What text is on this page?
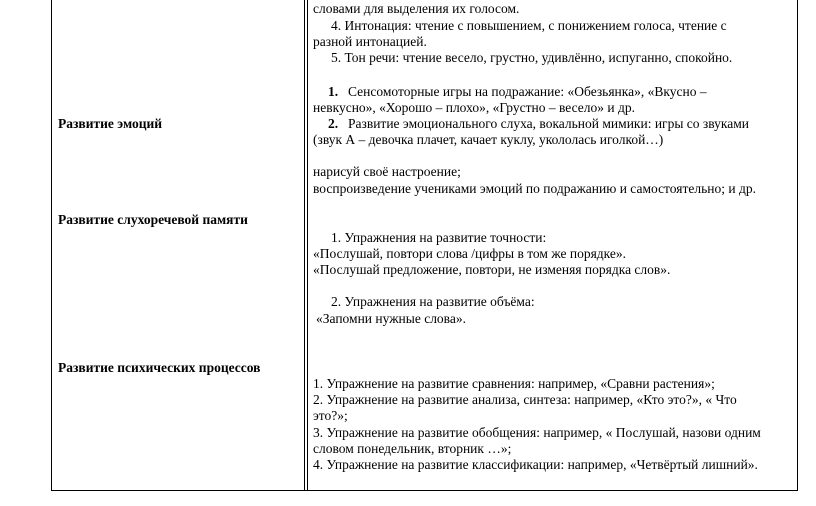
Развитие эмоций
Развитие слухоречевой памяти
Развитие психических процессов
словами для выделения их голосом.
4. Интонация: чтение с повышением, с понижением голоса, чтение с
разной интонацией.
5. Тон речи: чтение весело, грустно, удивлённо, испуганно, спокойно.
1. Сенсомоторные игры на подражание: «Обезьянка», «Вкусно –
невкусно», «Хорошо – плохо», «Грустно – весело» и др.
2. Развитие эмоционального слуха, вокальной мимики: игры со звуками
(звук А – девочка плачет, качает куклу, укололась иголкой…)
нарисуй своё настроение;
воспроизведение учениками эмоций по подражанию и самостоятельно; и др.
1. Упражнения на развитие точности:
«Послушай, повтори слова /цифры в том же порядке».
«Послушай предложение, повтори, не изменяя порядка слов».
2. Упражнения на развитие объёма:
«Запомни нужные слова».
1. Упражнение на развитие сравнения: например, «Сравни растения»;
2. Упражнение на развитие анализа, синтеза: например, «Кто это?», « Что
это?»;
3. Упражнение на развитие обобщения: например, « Послушай, назови одним
словом понедельник, вторник …»;
4. Упражнение на развитие классификации: например, «Четвёртый лишний».
